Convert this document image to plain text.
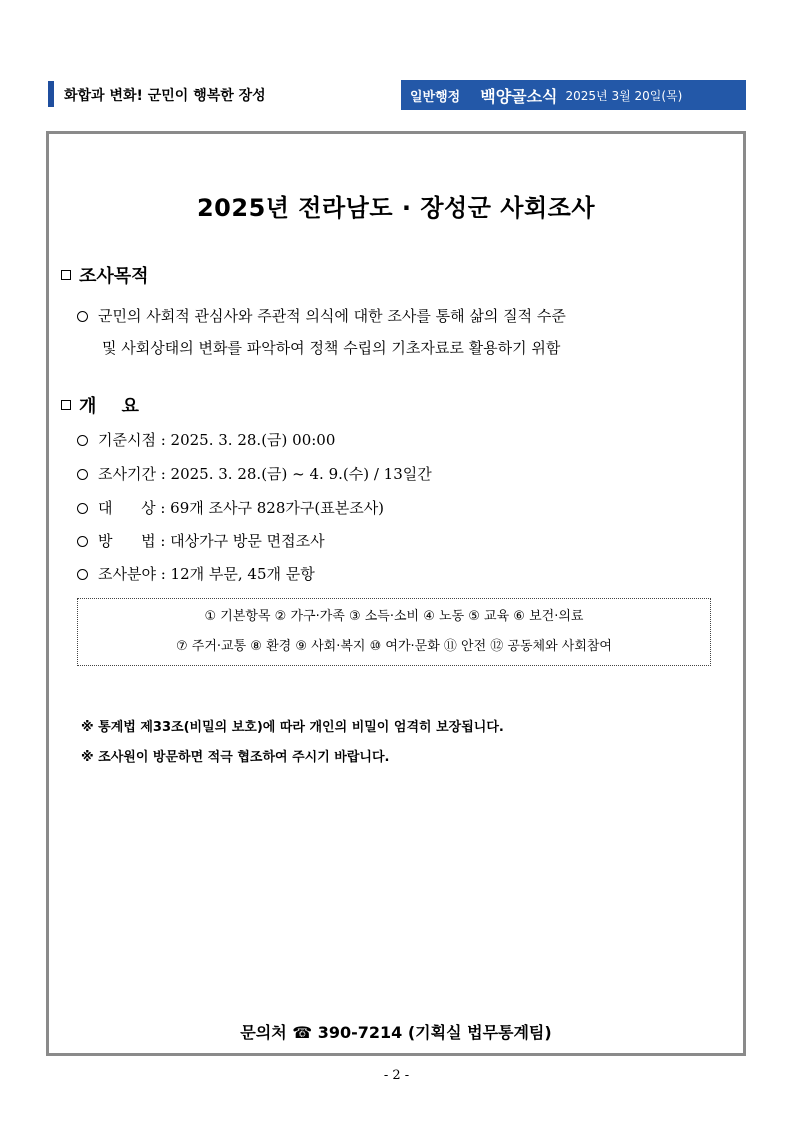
화합과 변화! 군민이 행복한 장성	일반행정 백양골소식 2025년 3월 20일(목)
2025년 전라남도 · 장성군 사회조사
조사목적
군민의 사회적 관심사와 주관적 의식에 대한 조사를 통해 삶의 질적 수준
및 사회상태의 변화를 파악하여 정책 수립의 기초자료로 활용하기 위함
개    요
기준시점 : 2025. 3. 28.(금) 00:00
조사기간 : 2025. 3. 28.(금) ~ 4. 9.(수) / 13일간
대      상 : 69개 조사구 828가구(표본조사)
방      법 : 대상가구 방문 면접조사
조사분야 : 12개 부문, 45개 문항
① 기본항목 ② 가구·가족 ③ 소득·소비 ④ 노동 ⑤ 교육 ⑥ 보건·의료
⑦ 주거·교통 ⑧ 환경 ⑨ 사회·복지 ⑩ 여가·문화 ⑪ 안전 ⑫ 공동체와 사회참여
※ 통계법 제33조(비밀의 보호)에 따라 개인의 비밀이 엄격히 보장됩니다.
※ 조사원이 방문하면 적극 협조하여 주시기 바랍니다.
문의처 ☎ 390-7214 (기획실 법무통계팀)
- 2 -
